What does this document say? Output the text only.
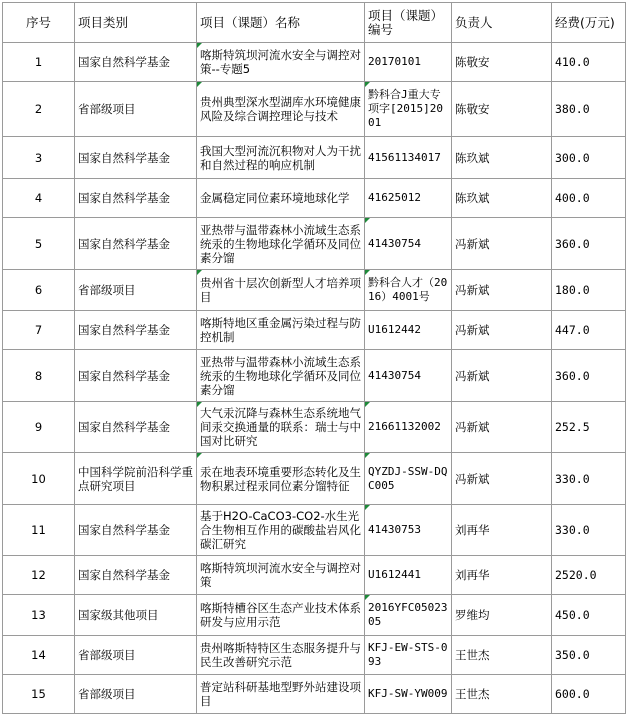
序号	项目类别	项目（课题）名称	项目（课题）编号	负责人	经费(万元)

1	国家自然科学基金	喀斯特筑坝河流水安全与调控对策--专题5	20170101	陈敬安	410.0

2	省部级项目	贵州典型深水型湖库水环境健康风险及综合调控理论与技术	黔科合J重大专项字[2015]2001	陈敬安	380.0

3	国家自然科学基金	我国大型河流沉积物对人为干扰和自然过程的响应机制	41561134017	陈玖斌	300.0

4	国家自然科学基金	金属稳定同位素环境地球化学	41625012	陈玖斌	400.0

5	国家自然科学基金	亚热带与温带森林小流域生态系统汞的生物地球化学循环及同位素分馏	41430754	冯新斌	360.0

6	省部级项目	贵州省十层次创新型人才培养项目	黔科合人才（2016）4001号	冯新斌	180.0

7	国家自然科学基金	喀斯特地区重金属污染过程与防控机制	U1612442	冯新斌	447.0

8	国家自然科学基金	亚热带与温带森林小流域生态系统汞的生物地球化学循环及同位素分馏	41430754	冯新斌	360.0

9	国家自然科学基金	大气汞沉降与森林生态系统地气间汞交换通量的联系：瑞士与中国对比研究	21661132002	冯新斌	252.5

10	中国科学院前沿科学重点研究项目	汞在地表环境重要形态转化及生物积累过程汞同位素分馏特征	QYZDJ-SSW-DQC005	冯新斌	330.0

11	国家自然科学基金	基于H2O-CaCO3-CO2-水生光合生物相互作用的碳酸盐岩风化碳汇研究	41430753	刘再华	330.0

12	国家自然科学基金	喀斯特筑坝河流水安全与调控对策	U1612441	刘再华	2520.0

13	国家级其他项目	喀斯特槽谷区生态产业技术体系研发与应用示范	2016YFC0502305	罗维均	450.0

14	省部级项目	贵州喀斯特特区生态服务提升与民生改善研究示范	KFJ-EW-STS-093	王世杰	350.0

15	省部级项目	普定站科研基地型野外站建设项目	KFJ-SW-YW009	王世杰	600.0
